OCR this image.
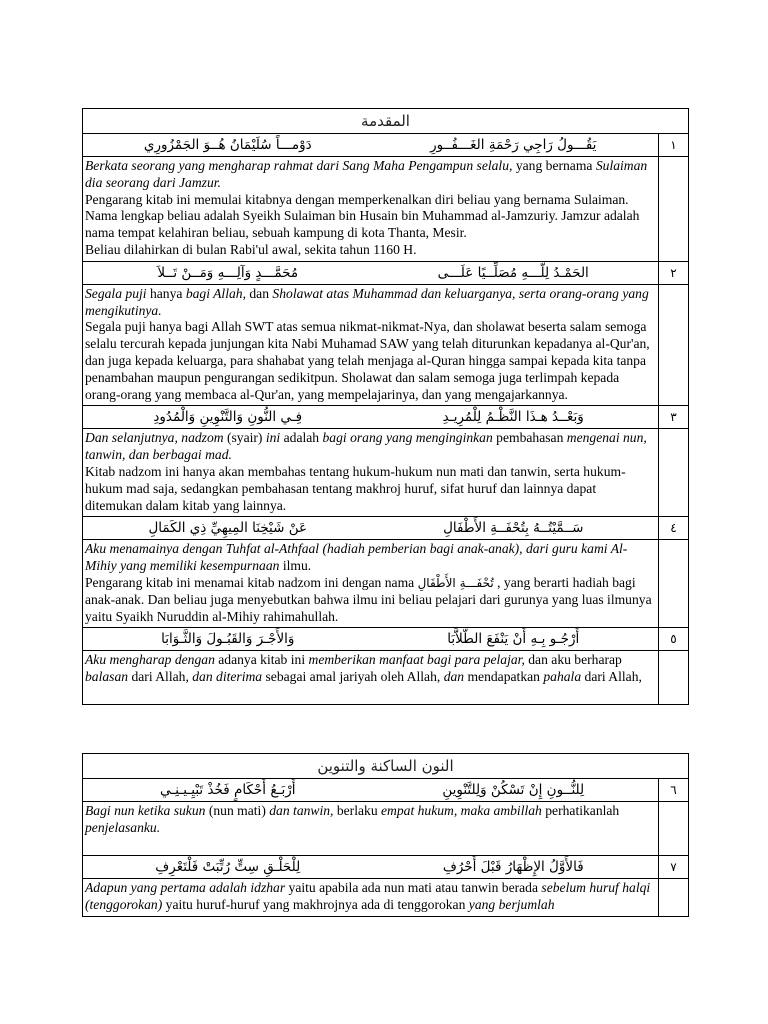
المقدمة	

يَقُـــولُ رَاجِي رَحْمَةِ الغَـــفُــورِ
دَوْمـــاً سُلَيْمَانُ هُــوَ الجَمْزُورِي	١
Berkata seorang yang mengharap rahmat dari Sang Maha Pengampun selalu, yang bernama Sulaiman dia seorang dari Jamzur.
Pengarang kitab ini memulai kitabnya dengan memperkenalkan diri beliau yang bernama Sulaiman. Nama lengkap beliau adalah Syeikh Sulaiman bin Husain bin Muhammad al-Jamzuriy. Jamzur adalah nama tempat kelahiran beliau, sebuah kampung di kota Thanta, Mesir.
Beliau dilahirkan di bulan Rabi'ul awal, sekita tahun 1160 H.	

الحَمْـدُ لِلَّـــهِ مُصَلِّــيًا عَلَـــى
مُحَمَّـــدٍ وَآلِـــهِ وَمَــنْ تَــلاَ	٢
Segala puji hanya bagi Allah, dan Sholawat atas Muhammad dan keluarganya, serta orang-orang yang mengikutinya.
Segala puji hanya bagi Allah SWT atas semua nikmat-nikmat-Nya, dan sholawat beserta salam semoga selalu tercurah kepada junjungan kita Nabi Muhamad SAW yang telah diturunkan kepadanya al-Qur'an, dan juga kepada keluarga, para shahabat yang telah menjaga al-Quran hingga sampai kepada kita tanpa penambahan maupun pengurangan sedikitpun. Sholawat dan salam semoga juga terlimpah kepada orang-orang yang membaca al-Qur'an, yang mempelajarinya, dan yang mengajarkannya.	

وَبَعْــدُ هـذَا النَّظْـمُ لِلْمُرِيـدِ
فِـي النُّونِ وَالتَّنْوِينِ وَالْمُدُودِ	٣
Dan selanjutnya, nadzom (syair) ini adalah bagi orang yang menginginkan pembahasan mengenai nun, tanwin, dan berbagai mad.
Kitab nadzom ini hanya akan membahas tentang hukum-hukum nun mati dan tanwin, serta hukum-hukum mad saja, sedangkan pembahasan tentang makhroj huruf, sifat huruf dan lainnya dapat ditemukan dalam kitab yang lainnya.	

سَــمَّيْتُــهُ بِتُحْفَــةِ الأَطْفَالِ
عَنْ شَيْخِنَا المِيهِيِّ ذِي الكَمَالِ	٤
Aku menamainya dengan Tuhfat al-Athfaal (hadiah pemberian bagi anak-anak), dari guru kami Al-Mihiy yang memiliki kesempurnaan ilmu.
Pengarang kitab ini menamai kitab nadzom ini dengan nama تُحْفَـــةِ الأَطْفَالِ , yang berarti hadiah bagi anak-anak. Dan beliau juga menyebutkan bahwa ilmu ini beliau pelajari dari gurunya yang luas ilmunya yaitu Syaikh Nuruddin al-Mihiy rahimahullah.	

أَرْجُـو بِـهِ أَنْ يَنْفَعَ الطُّلاَّبَا
وَالأَجْـرَ وَالقَبُـولَ وَالثَّـوَابَا	٥
Aku mengharap dengan adanya kitab ini memberikan manfaat bagi para pelajar, dan aku berharap balasan dari Allah, dan diterima sebagai amal jariyah oleh Allah, dan mendapatkan pahala dari Allah,	
النون الساكنة والتنوين	

لِلنُّــونِ إِنْ تَسْكُنْ وَلِلتَّنْوِينِ
أَرْبَـعُ أَحْكَامٍ فَخُذْ تَبْيِـيـنِـي	٦
Bagi nun ketika sukun (nun mati) dan tanwin, berlaku empat hukum, maka ambillah perhatikanlah penjelasanku.	

فَالأَوَّلُ الإِظْهَارُ قَبْلَ أَحْرُفِ
لِلْحَلْـقِ سِتٍّ رُتِّبَتْ فَلْتَعْرِفِ	٧
Adapun yang pertama adalah idzhar yaitu apabila ada nun mati atau tanwin berada sebelum huruf halqi (tenggorokan) yaitu huruf-huruf yang makhrojnya ada di tenggorokan yang berjumlah	
